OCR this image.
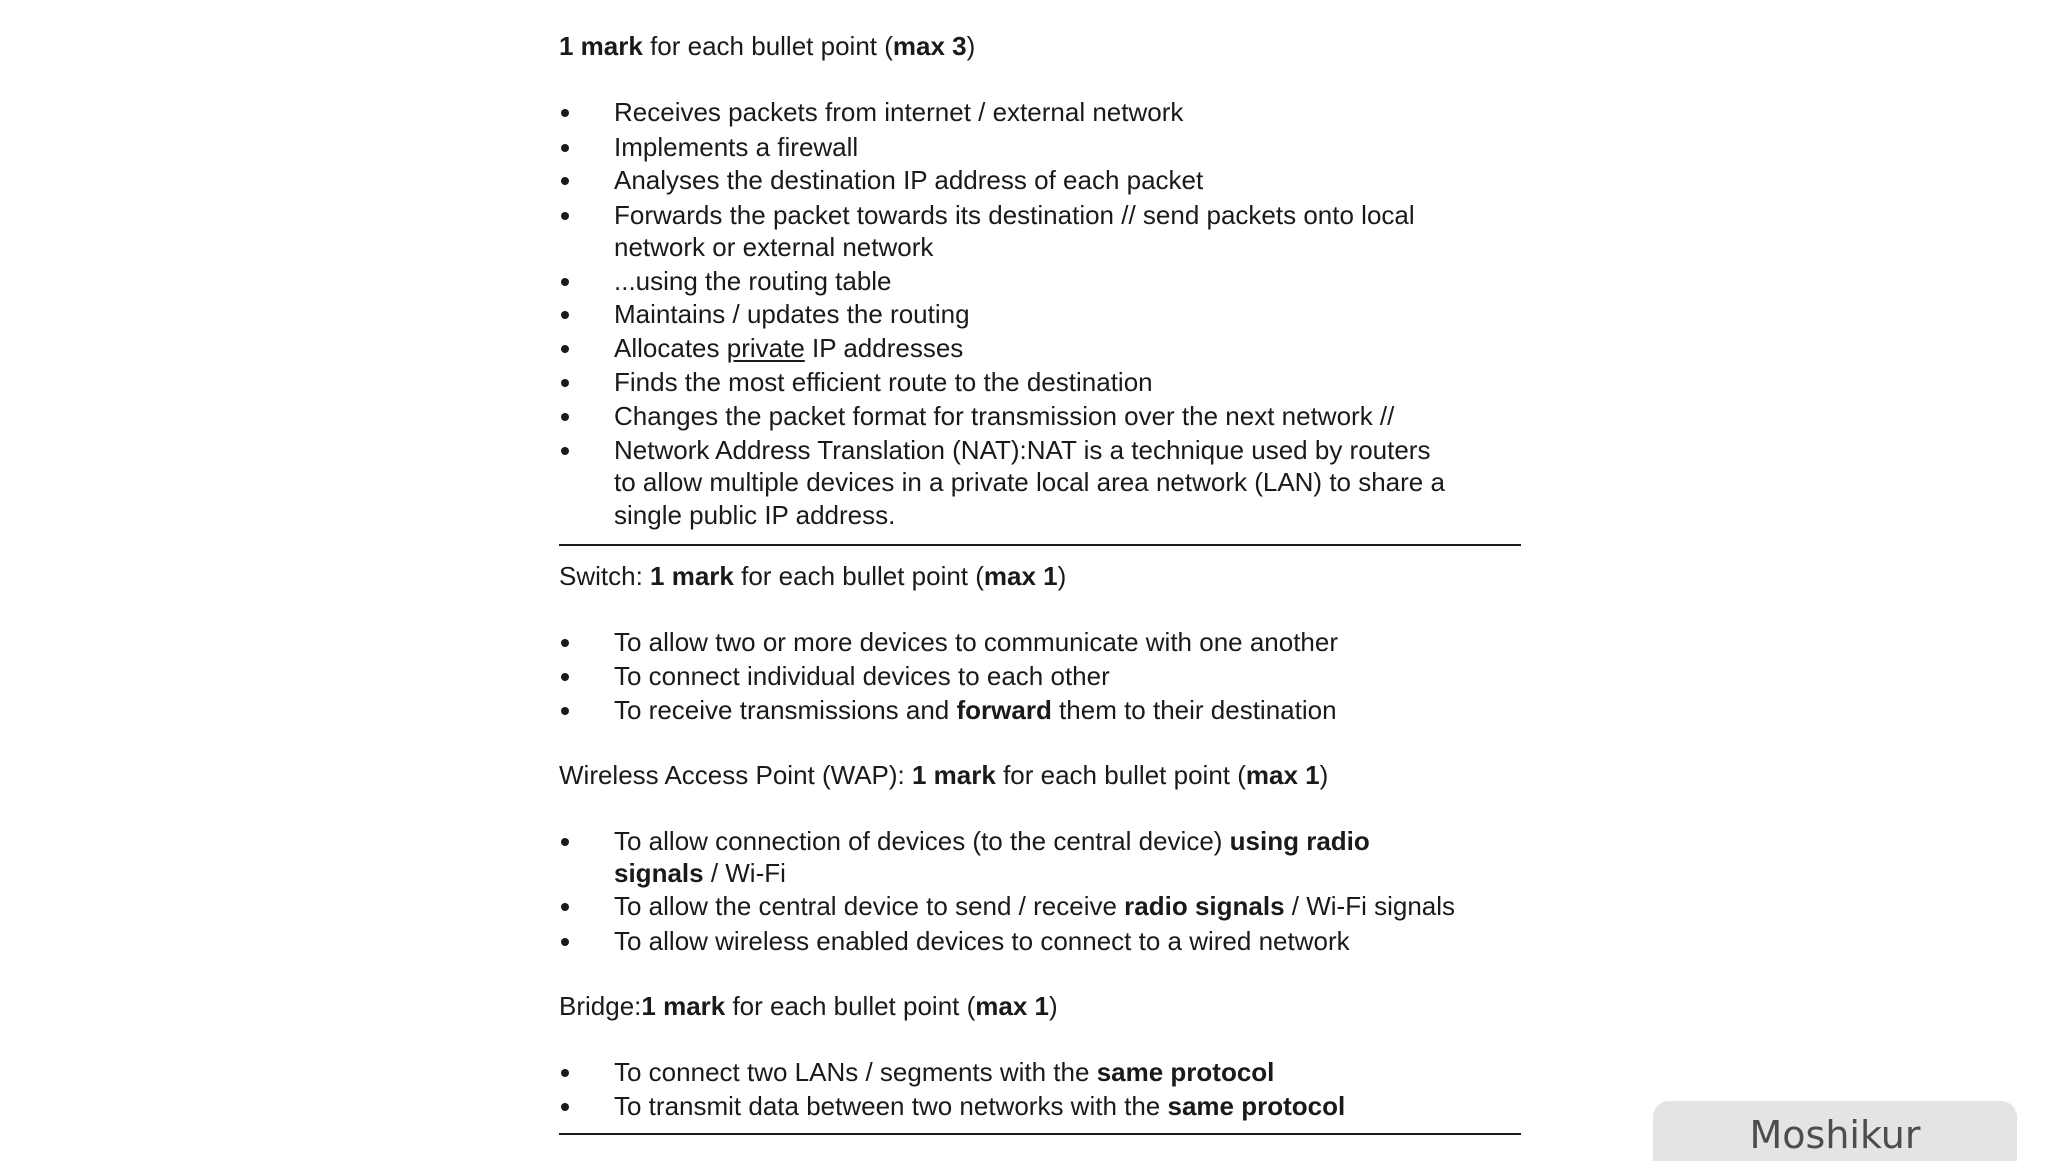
1 mark for each bullet point (max 3)

Receives packets from internet / external network
Implements a firewall
Analyses the destination IP address of each packet
Forwards the packet towards its destination // send packets onto local
network or external network
...using the routing table
Maintains / updates the routing
Allocates private IP addresses
Finds the most efficient route to the destination
Changes the packet format for transmission over the next network //
Network Address Translation (NAT):NAT is a technique used by routers
to allow multiple devices in a private local area network (LAN) to share a
single public IP address.

Switch: 1 mark for each bullet point (max 1)

To allow two or more devices to communicate with one another
To connect individual devices to each other
To receive transmissions and forward them to their destination

Wireless Access Point (WAP): 1 mark for each bullet point (max 1)

To allow connection of devices (to the central device) using radio
signals / Wi-Fi
To allow the central device to send / receive radio signals / Wi-Fi signals
To allow wireless enabled devices to connect to a wired network

Bridge:1 mark for each bullet point (max 1)

To connect two LANs / segments with the same protocol
To transmit data between two networks with the same protocol
Moshikur
